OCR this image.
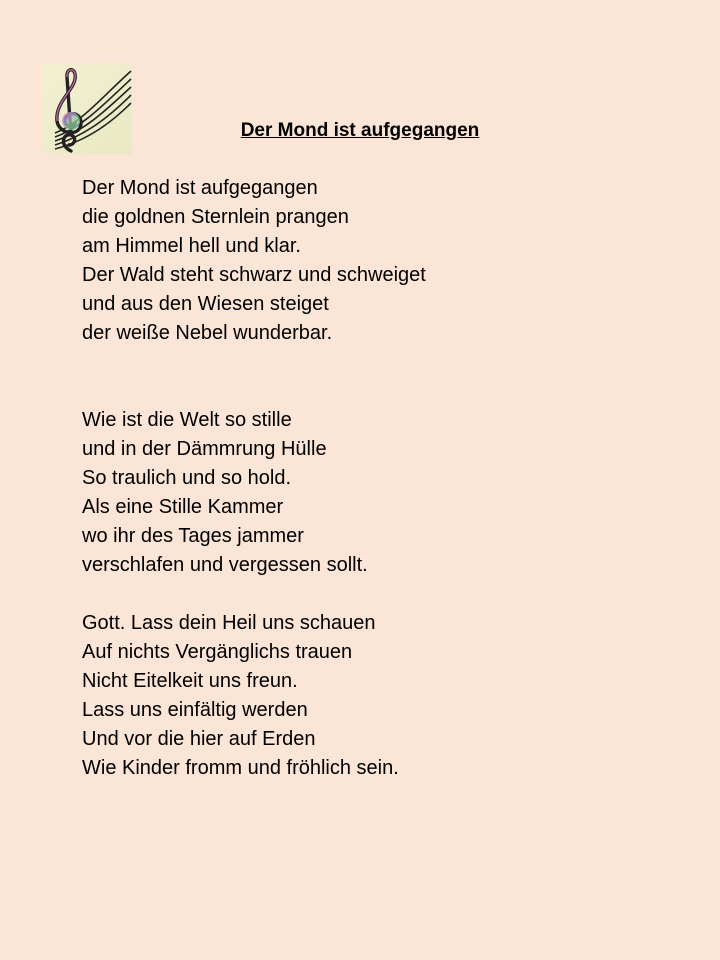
Der Mond ist aufgegangen

Der Mond ist aufgegangen
die goldnen Sternlein prangen
am Himmel hell und klar.
Der Wald steht schwarz und schweiget
und aus den Wiesen steiget
der weiße Nebel wunderbar.

Wie ist die Welt so stille
und in der Dämmrung Hülle
So traulich und so hold.
Als eine Stille Kammer
wo ihr des Tages jammer
verschlafen und vergessen sollt.

Gott. Lass dein Heil uns schauen
Auf nichts Vergänglichs trauen
Nicht Eitelkeit uns freun.
Lass uns einfältig werden
Und vor die hier auf Erden
Wie Kinder fromm und fröhlich sein.
